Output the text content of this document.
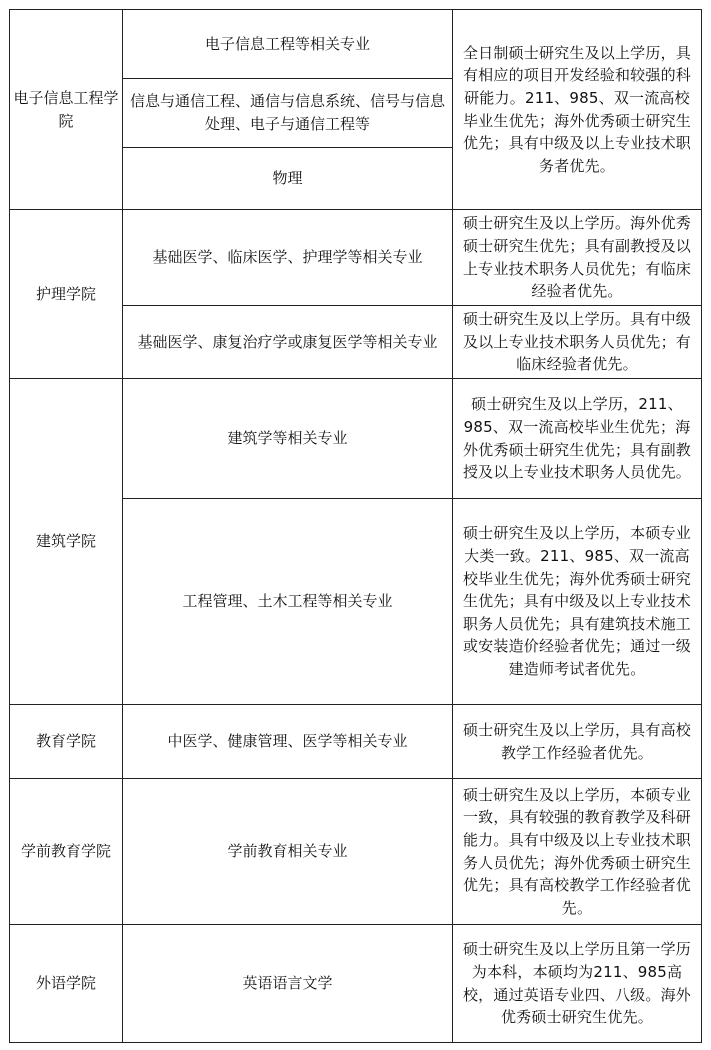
电子信息工程学院	电子信息工程等相关专业	全日制硕士研究生及以上学历，具有相应的项目开发经验和较强的科研能力。211、985、双一流高校毕业生优先；海外优秀硕士研究生优先；具有中级及以上专业技术职务者优先。
	信息与通信工程、通信与信息系统、信号与信息处理、电子与通信工程等	
	物理	
护理学院	基础医学、临床医学、护理学等相关专业	硕士研究生及以上学历。海外优秀硕士研究生优先；具有副教授及以上专业技术职务人员优先；有临床经验者优先。
	基础医学、康复治疗学或康复医学等相关专业	硕士研究生及以上学历。具有中级及以上专业技术职务人员优先；有临床经验者优先。
建筑学院	建筑学等相关专业	硕士研究生及以上学历，211、985、双一流高校毕业生优先；海外优秀硕士研究生优先；具有副教授及以上专业技术职务人员优先。
	工程管理、土木工程等相关专业	硕士研究生及以上学历，本硕专业大类一致。211、985、双一流高校毕业生优先；海外优秀硕士研究生优先；具有中级及以上专业技术职务人员优先；具有建筑技术施工或安装造价经验者优先；通过一级建造师考试者优先。
教育学院	中医学、健康管理、医学等相关专业	硕士研究生及以上学历，具有高校教学工作经验者优先。
学前教育学院	学前教育相关专业	硕士研究生及以上学历，本硕专业一致，具有较强的教育教学及科研能力。具有中级及以上专业技术职务人员优先；海外优秀硕士研究生优先；具有高校教学工作经验者优先。
外语学院	英语语言文学	硕士研究生及以上学历且第一学历为本科，本硕均为211、985高校，通过英语专业四、八级。海外优秀硕士研究生优先。
